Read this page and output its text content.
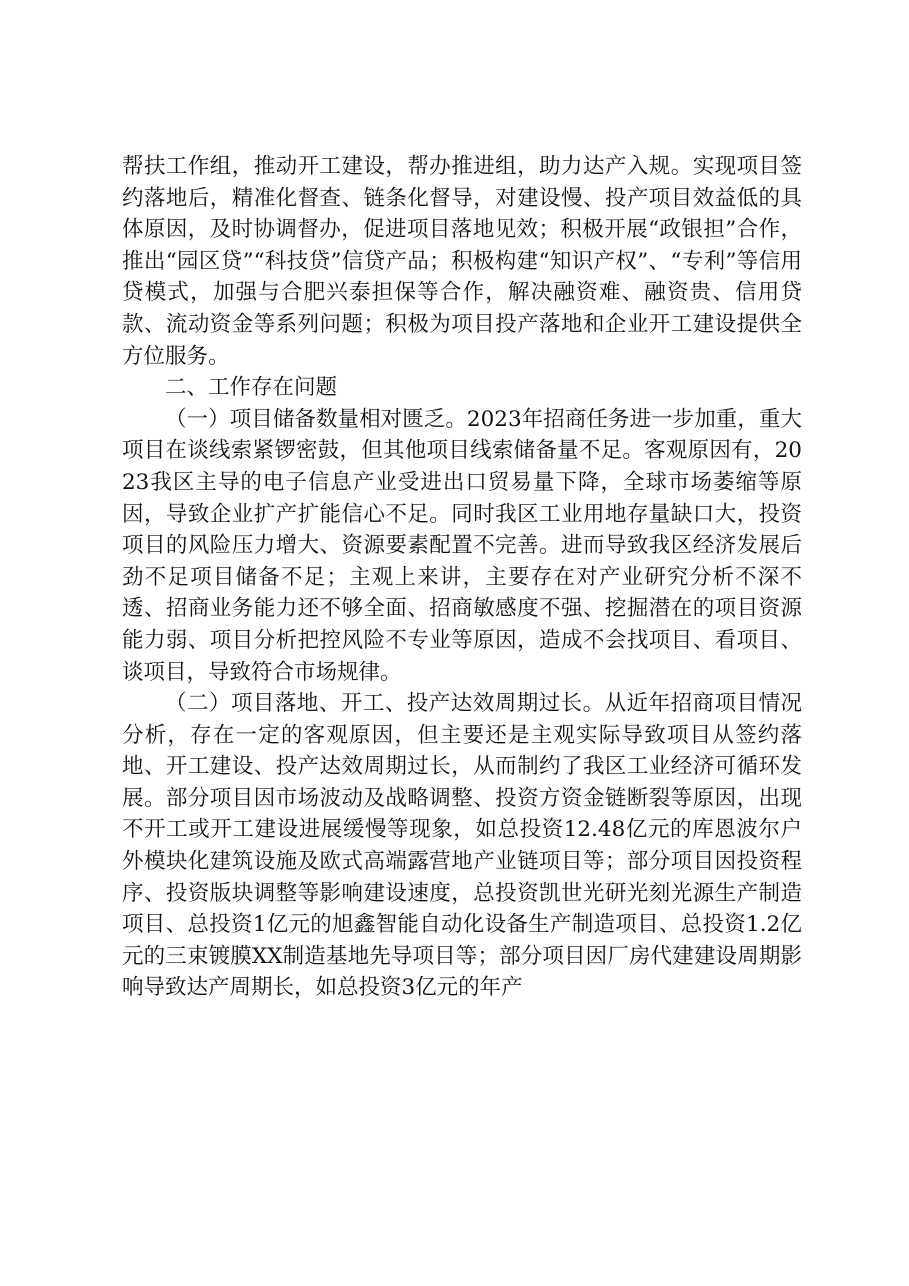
帮扶工作组，推动开工建设，帮办推进组，助力达产入规。实现项目签约落地后，精准化督查、链条化督导，对建设慢、投产项目效益低的具体原因，及时协调督办，促进项目落地见效；积极开展“政银担”合作，推出“园区贷”“科技贷”信贷产品；积极构建“知识产权”、“专利”等信用贷模式，加强与合肥兴泰担保等合作，解决融资难、融资贵、信用贷款、流动资金等系列问题；积极为项目投产落地和企业开工建设提供全方位服务。

二、工作存在问题

（一）项目储备数量相对匮乏。2023年招商任务进一步加重，重大项目在谈线索紧锣密鼓，但其他项目线索储备量不足。客观原因有，2023我区主导的电子信息产业受进出口贸易量下降，全球市场萎缩等原因，导致企业扩产扩能信心不足。同时我区工业用地存量缺口大，投资项目的风险压力增大、资源要素配置不完善。进而导致我区经济发展后劲不足项目储备不足；主观上来讲，主要存在对产业研究分析不深不透、招商业务能力还不够全面、招商敏感度不强、挖掘潜在的项目资源能力弱、项目分析把控风险不专业等原因，造成不会找项目、看项目、谈项目，导致符合市场规律。

（二）项目落地、开工、投产达效周期过长。从近年招商项目情况分析，存在一定的客观原因，但主要还是主观实际导致项目从签约落地、开工建设、投产达效周期过长，从而制约了我区工业经济可循环发展。部分项目因市场波动及战略调整、投资方资金链断裂等原因，出现不开工或开工建设进展缓慢等现象，如总投资12.48亿元的库恩波尔户外模块化建筑设施及欧式高端露营地产业链项目等；部分项目因投资程序、投资版块调整等影响建设速度，总投资凯世光研光刻光源生产制造项目、总投资1亿元的旭鑫智能自动化设备生产制造项目、总投资1.2亿元的三束镀膜XX制造基地先导项目等；部分项目因厂房代建建设周期影响导致达产周期长，如总投资3亿元的年产
